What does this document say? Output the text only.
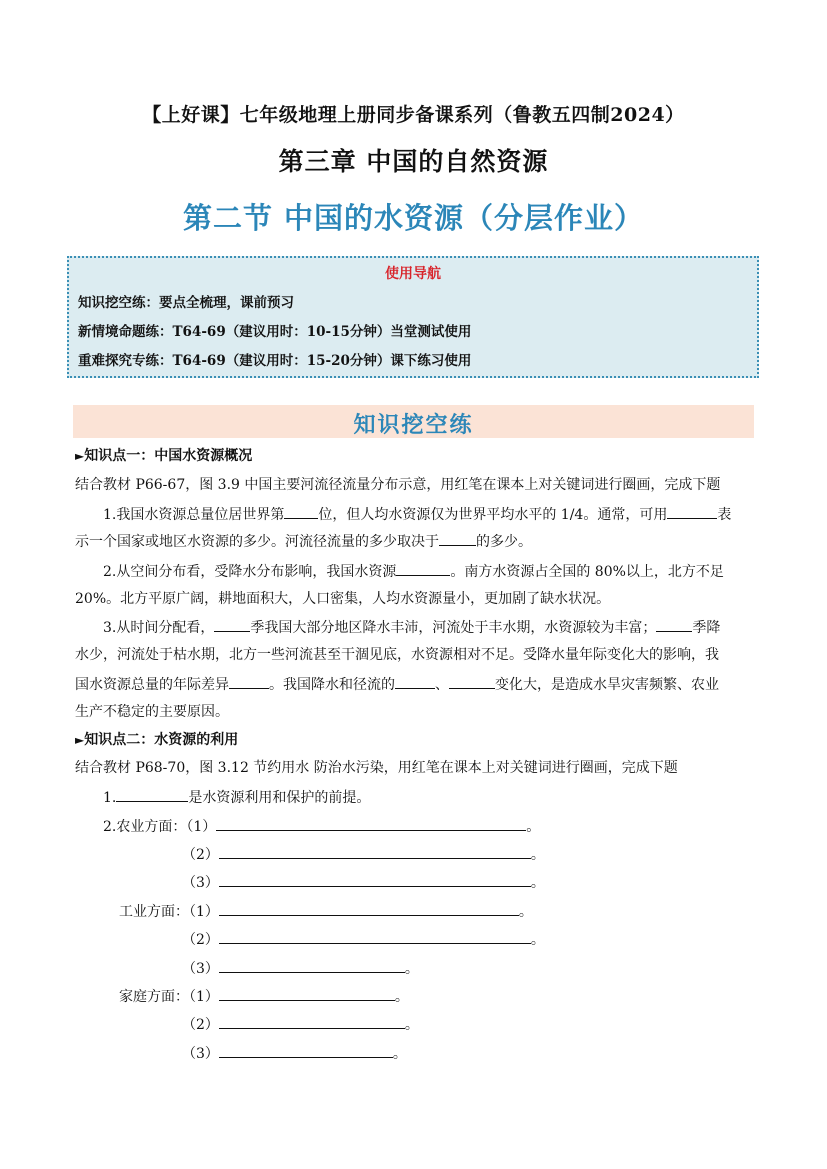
【上好课】七年级地理上册同步备课系列（鲁教五四制2024）
第三章 中国的自然资源
第二节 中国的水资源（分层作业）
使用导航
知识挖空练：要点全梳理，课前预习
新情境命题练：T64-69（建议用时：10-15分钟）当堂测试使用
重难探究专练：T64-69（建议用时：15-20分钟）课下练习使用
知识挖空练
►知识点一：中国水资源概况
结合教材 P66-67，图 3.9 中国主要河流径流量分布示意，用红笔在课本上对关键词进行圈画，完成下题
1.我国水资源总量位居世界第 位，但人均水资源仅为世界平均水平的 1/4。通常，可用	表
示一个国家或地区水资源的多少。河流径流量的多少取决于	的多少。
2.从空间分布看，受降水分布影响，我国水资源	。南方水资源占全国的 80%以上，北方不足
20%。北方平原广阔，耕地面积大，人口密集，人均水资源量小，更加剧了缺水状况。
3.从时间分配看，	季我国大部分地区降水丰沛，河流处于丰水期，水资源较为丰富；	季降
水少，河流处于枯水期，北方一些河流甚至干涸见底，水资源相对不足。受降水量年际变化大的影响，我
国水资源总量的年际差异	。我国降水和径流的	、	变化大，是造成水旱灾害频繁、农业
生产不稳定的主要原因。
►知识点二：水资源的利用
结合教材 P68-70，图 3.12 节约用水 防治水污染，用红笔在课本上对关键词进行圈画，完成下题
1.	是水资源利用和保护的前提。
2.农业方面：（1）	。
（2）	。
（3）	。
工业方面：（1）	。
（2）	。
（3）	。
家庭方面：（1）	。
（2）	。
（3）	。
